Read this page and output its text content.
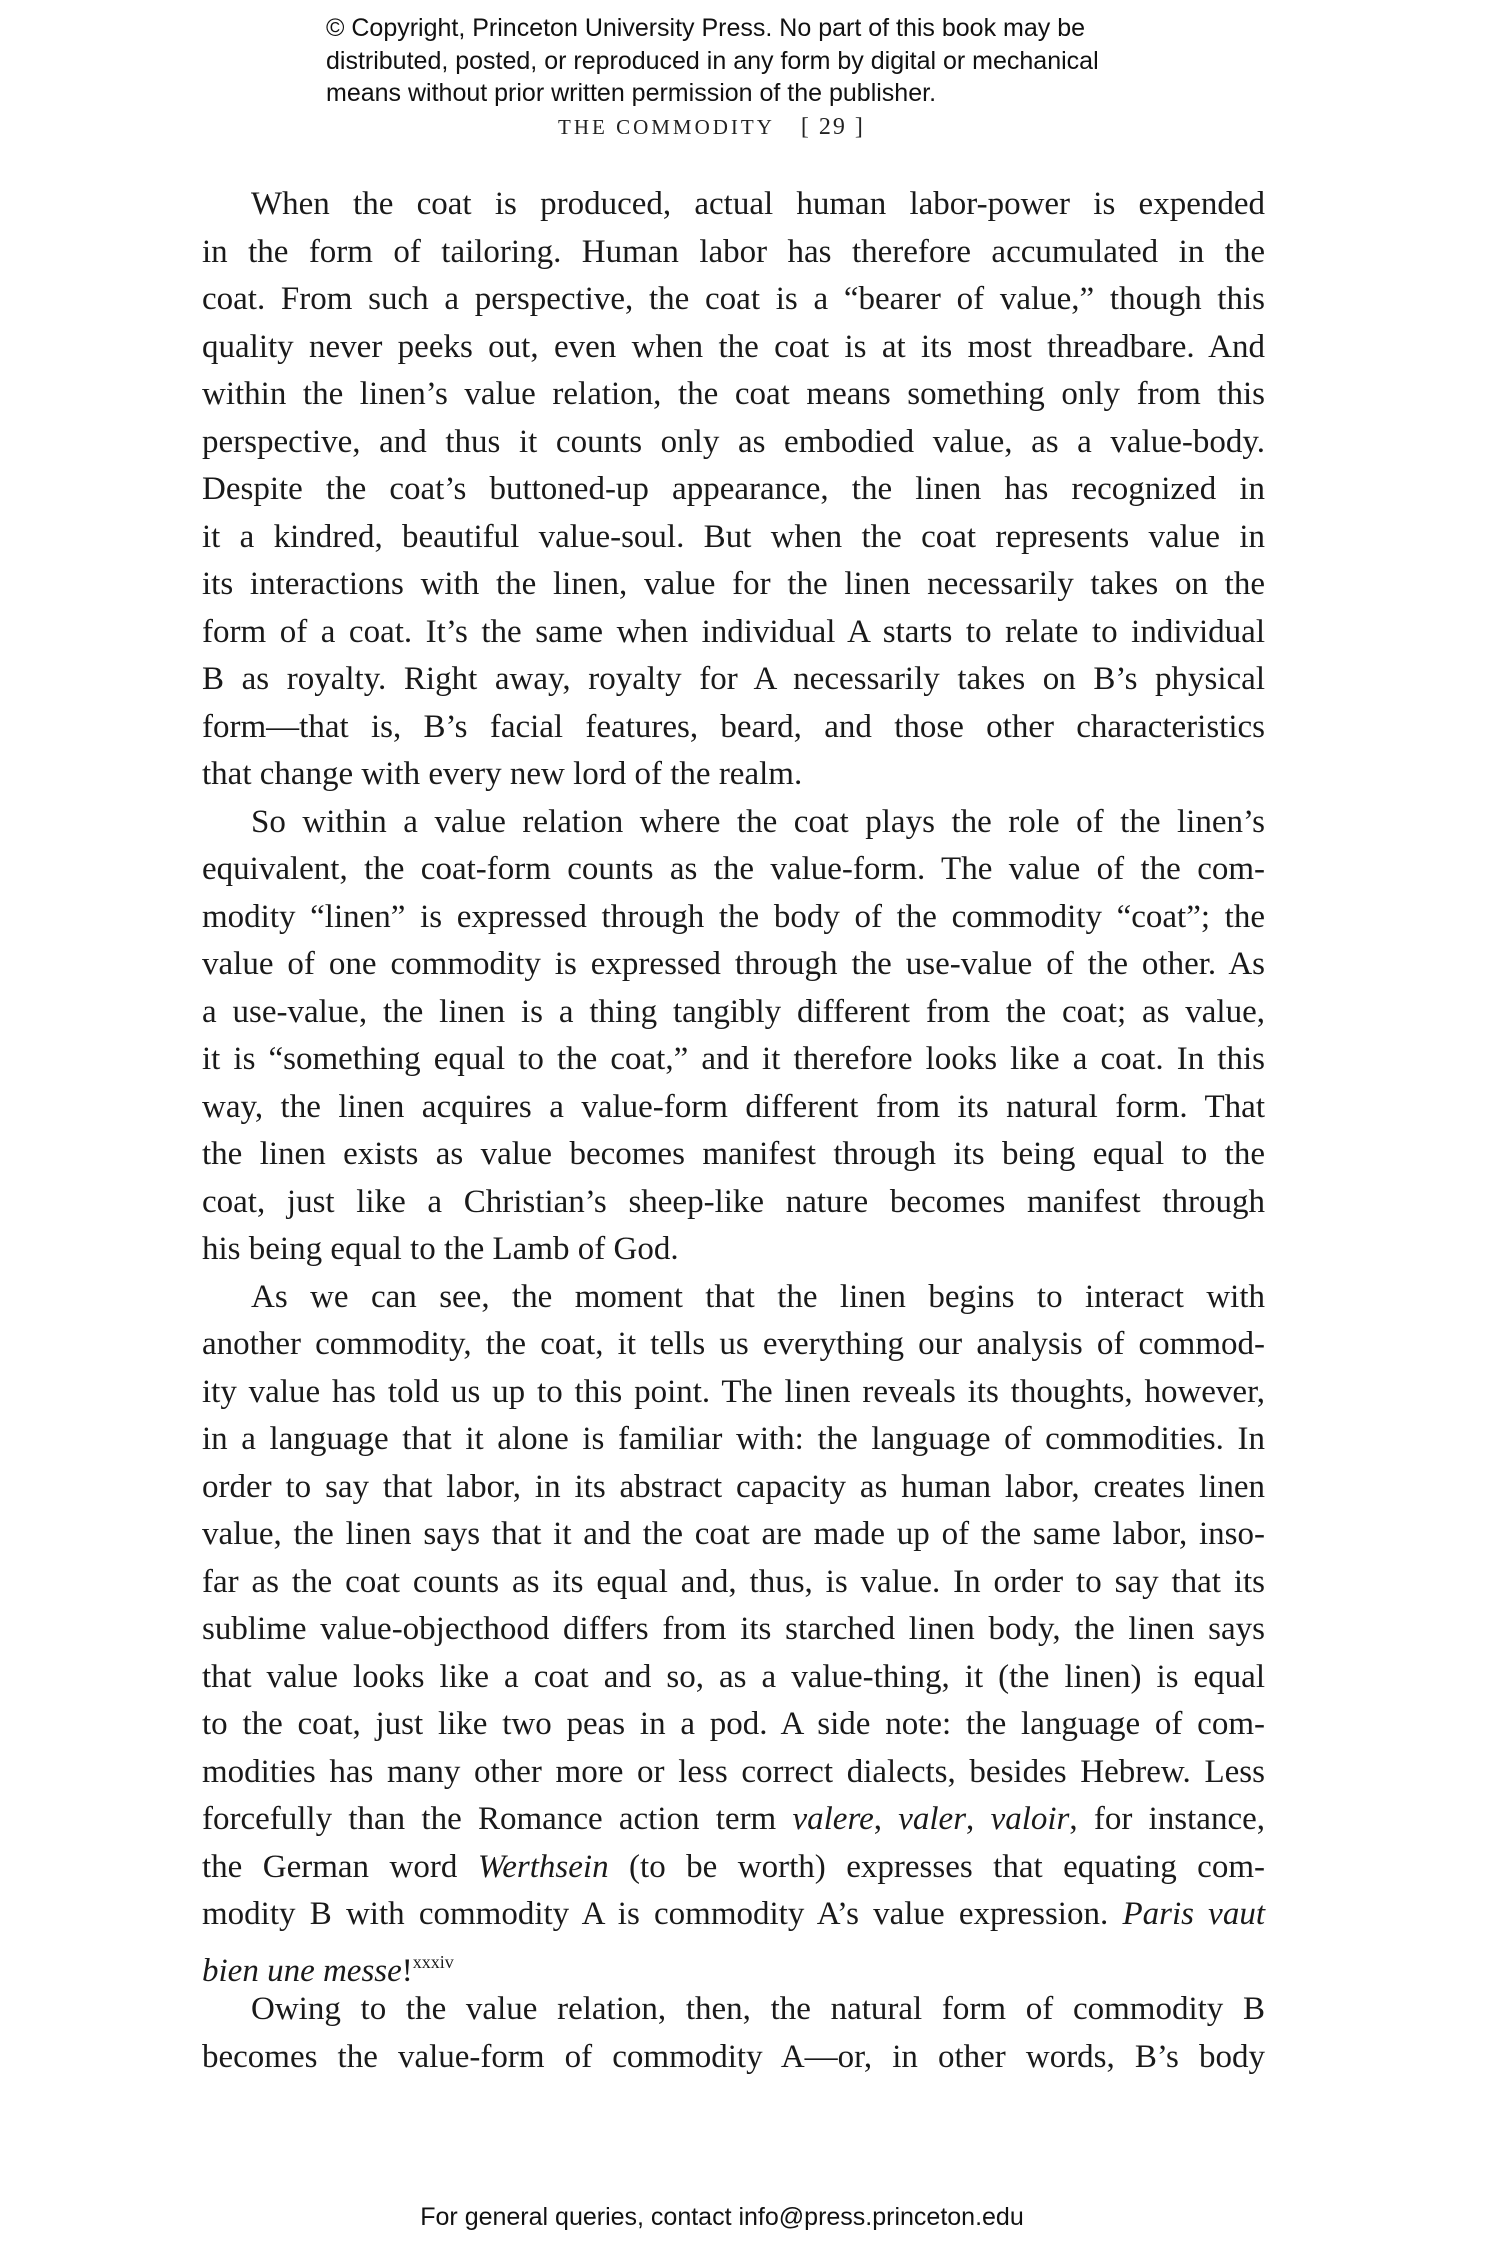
© Copyright, Princeton University Press. No part of this book may be
distributed, posted, or reproduced in any form by digital or mechanical
means without prior written permission of the publisher.
THE COMMODITY [ 29 ]
When the coat is produced, actual human labor-power is expended
in the form of tailoring. Human labor has therefore accumulated in the
coat. From such a perspective, the coat is a “bearer of value,” though this
quality never peeks out, even when the coat is at its most threadbare. And
within the linen’s value relation, the coat means something only from this
perspective, and thus it counts only as embodied value, as a value-body.
Despite the coat’s buttoned-up appearance, the linen has recognized in
it a kindred, beautiful value-soul. But when the coat represents value in
its interactions with the linen, value for the linen necessarily takes on the
form of a coat. It’s the same when individual A starts to relate to individual
B as royalty. Right away, royalty for A necessarily takes on B’s physical
form—that is, B’s facial features, beard, and those other characteristics
that change with every new lord of the realm.
So within a value relation where the coat plays the role of the linen’s
equivalent, the coat-form counts as the value-form. The value of the com-
modity “linen” is expressed through the body of the commodity “coat”; the
value of one commodity is expressed through the use-value of the other. As
a use-value, the linen is a thing tangibly different from the coat; as value,
it is “something equal to the coat,” and it therefore looks like a coat. In this
way, the linen acquires a value-form different from its natural form. That
the linen exists as value becomes manifest through its being equal to the
coat, just like a Christian’s sheep-like nature becomes manifest through
his being equal to the Lamb of God.
As we can see, the moment that the linen begins to interact with
another commodity, the coat, it tells us everything our analysis of commod-
ity value has told us up to this point. The linen reveals its thoughts, however,
in a language that it alone is familiar with: the language of commodities. In
order to say that labor, in its abstract capacity as human labor, creates linen
value, the linen says that it and the coat are made up of the same labor, inso-
far as the coat counts as its equal and, thus, is value. In order to say that its
sublime value-objecthood differs from its starched linen body, the linen says
that value looks like a coat and so, as a value-thing, it (the linen) is equal
to the coat, just like two peas in a pod. A side note: the language of com-
modities has many other more or less correct dialects, besides Hebrew. Less
forcefully than the Romance action term valere, valer, valoir, for instance,
the German word Werthsein (to be worth) expresses that equating com-
modity B with commodity A is commodity A’s value expression. Paris vaut
bien une messe!$^{xxxiv}$
Owing to the value relation, then, the natural form of commodity B
becomes the value-form of commodity A—or, in other words, B’s body
For general queries, contact info@press.princeton.edu
